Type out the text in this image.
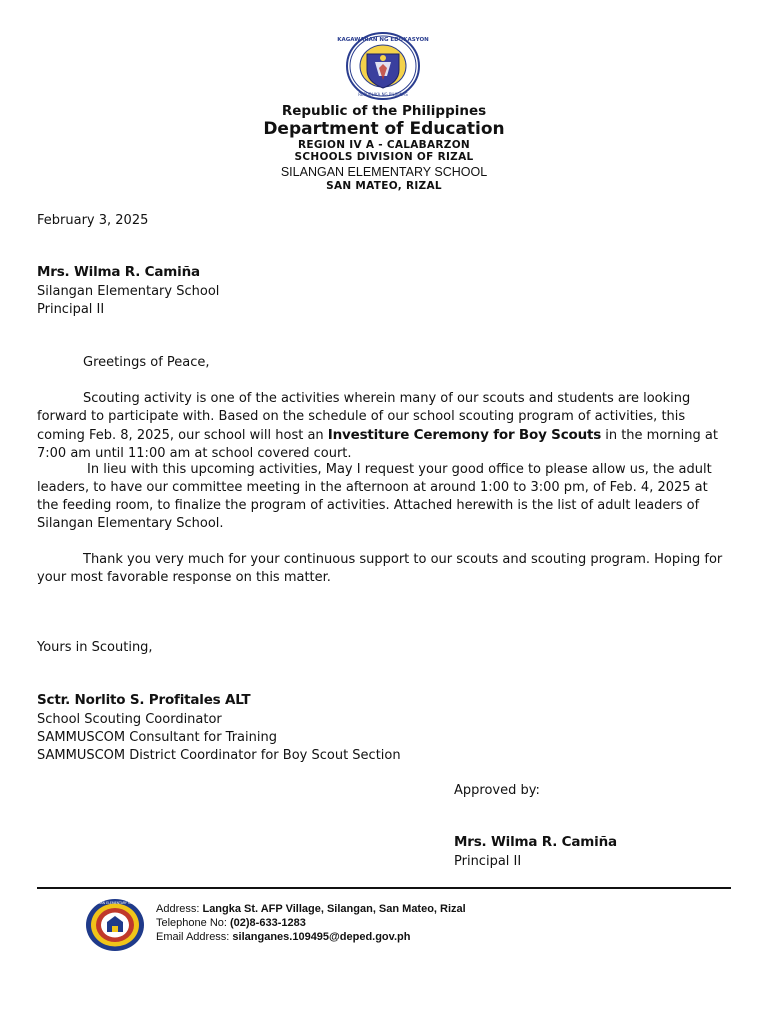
KAGAWARAN NG EDUKASYON
REPUBLIKA NG PILIPINAS
Republic of the Philippines
Department of Education
REGION IV A - CALABARZON
SCHOOLS DIVISION OF RIZAL
SILANGAN ELEMENTARY SCHOOL
SAN MATEO, RIZAL
February 3, 2025
Mrs. Wilma R. Camiña
Silangan Elementary School
Principal II
Greetings of Peace,
Scouting activity is one of the activities wherein many of our scouts and students are looking forward to participate with. Based on the schedule of our school scouting program of activities, this coming Feb. 8, 2025, our school will host an Investiture Ceremony for Boy Scouts in the morning at 7:00 am until 11:00 am at school covered court.
In lieu with this upcoming activities, May I request your good office to please allow us, the adult leaders, to have our committee meeting in the afternoon at around 1:00 to 3:00 pm, of Feb. 4, 2025 at the feeding room, to finalize the program of activities. Attached herewith is the list of adult leaders of Silangan Elementary School.
Thank you very much for your continuous support to our scouts and scouting program. Hoping for your most favorable response on this matter.
Yours in Scouting,
Sctr. Norlito S. Profitales ALT
School Scouting Coordinator
SAMMUSCOM Consultant for Training
SAMMUSCOM District Coordinator for Boy Scout Section
Approved by:
Mrs. Wilma R. Camiña
Principal II
SILANGAN ELEMENTARY SCHOOL Address: Langka St. AFP Village, Silangan, San Mateo, Rizal
Telephone No: (02)8-633-1283
Email Address: silanganes.109495@deped.gov.ph
